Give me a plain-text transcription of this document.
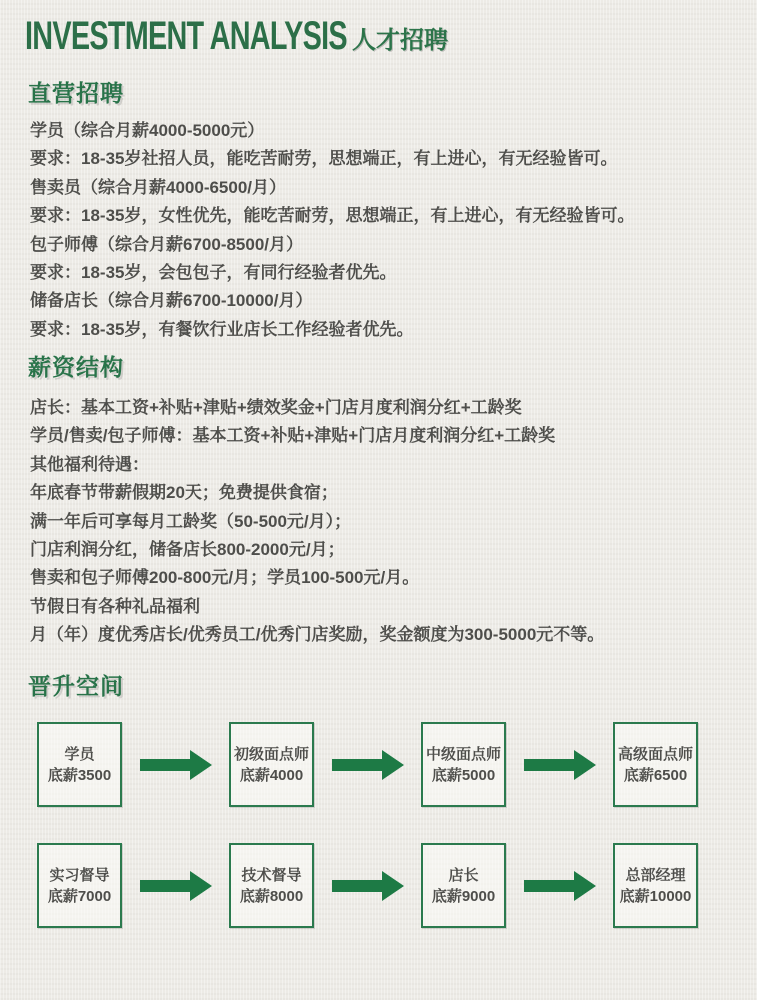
INVESTMENT ANALYSIS 人才招聘
直营招聘
学员（综合月薪4000-5000元）
要求：18-35岁社招人员，能吃苦耐劳，思想端正，有上进心，有无经验皆可。
售卖员（综合月薪4000-6500/月）
要求：18-35岁，女性优先，能吃苦耐劳，思想端正，有上进心，有无经验皆可。
包子师傅（综合月薪6700-8500/月）
要求：18-35岁，会包包子，有同行经验者优先。
储备店长（综合月薪6700-10000/月）
要求：18-35岁，有餐饮行业店长工作经验者优先。
薪资结构
店长：基本工资+补贴+津贴+绩效奖金+门店月度利润分红+工龄奖
学员/售卖/包子师傅：基本工资+补贴+津贴+门店月度利润分红+工龄奖
其他福利待遇：
年底春节带薪假期20天；免费提供食宿；
满一年后可享每月工龄奖（50-500元/月）；
门店利润分红，储备店长800-2000元/月；
售卖和包子师傅200-800元/月；学员100-500元/月。
节假日有各种礼品福利
月（年）度优秀店长/优秀员工/优秀门店奖励，奖金额度为300-5000元不等。
晋升空间
学员
底薪3500
初级面点师
底薪4000
中级面点师
底薪5000
高级面点师
底薪6500
实习督导
底薪7000
技术督导
底薪8000
店长
底薪9000
总部经理
底薪10000
